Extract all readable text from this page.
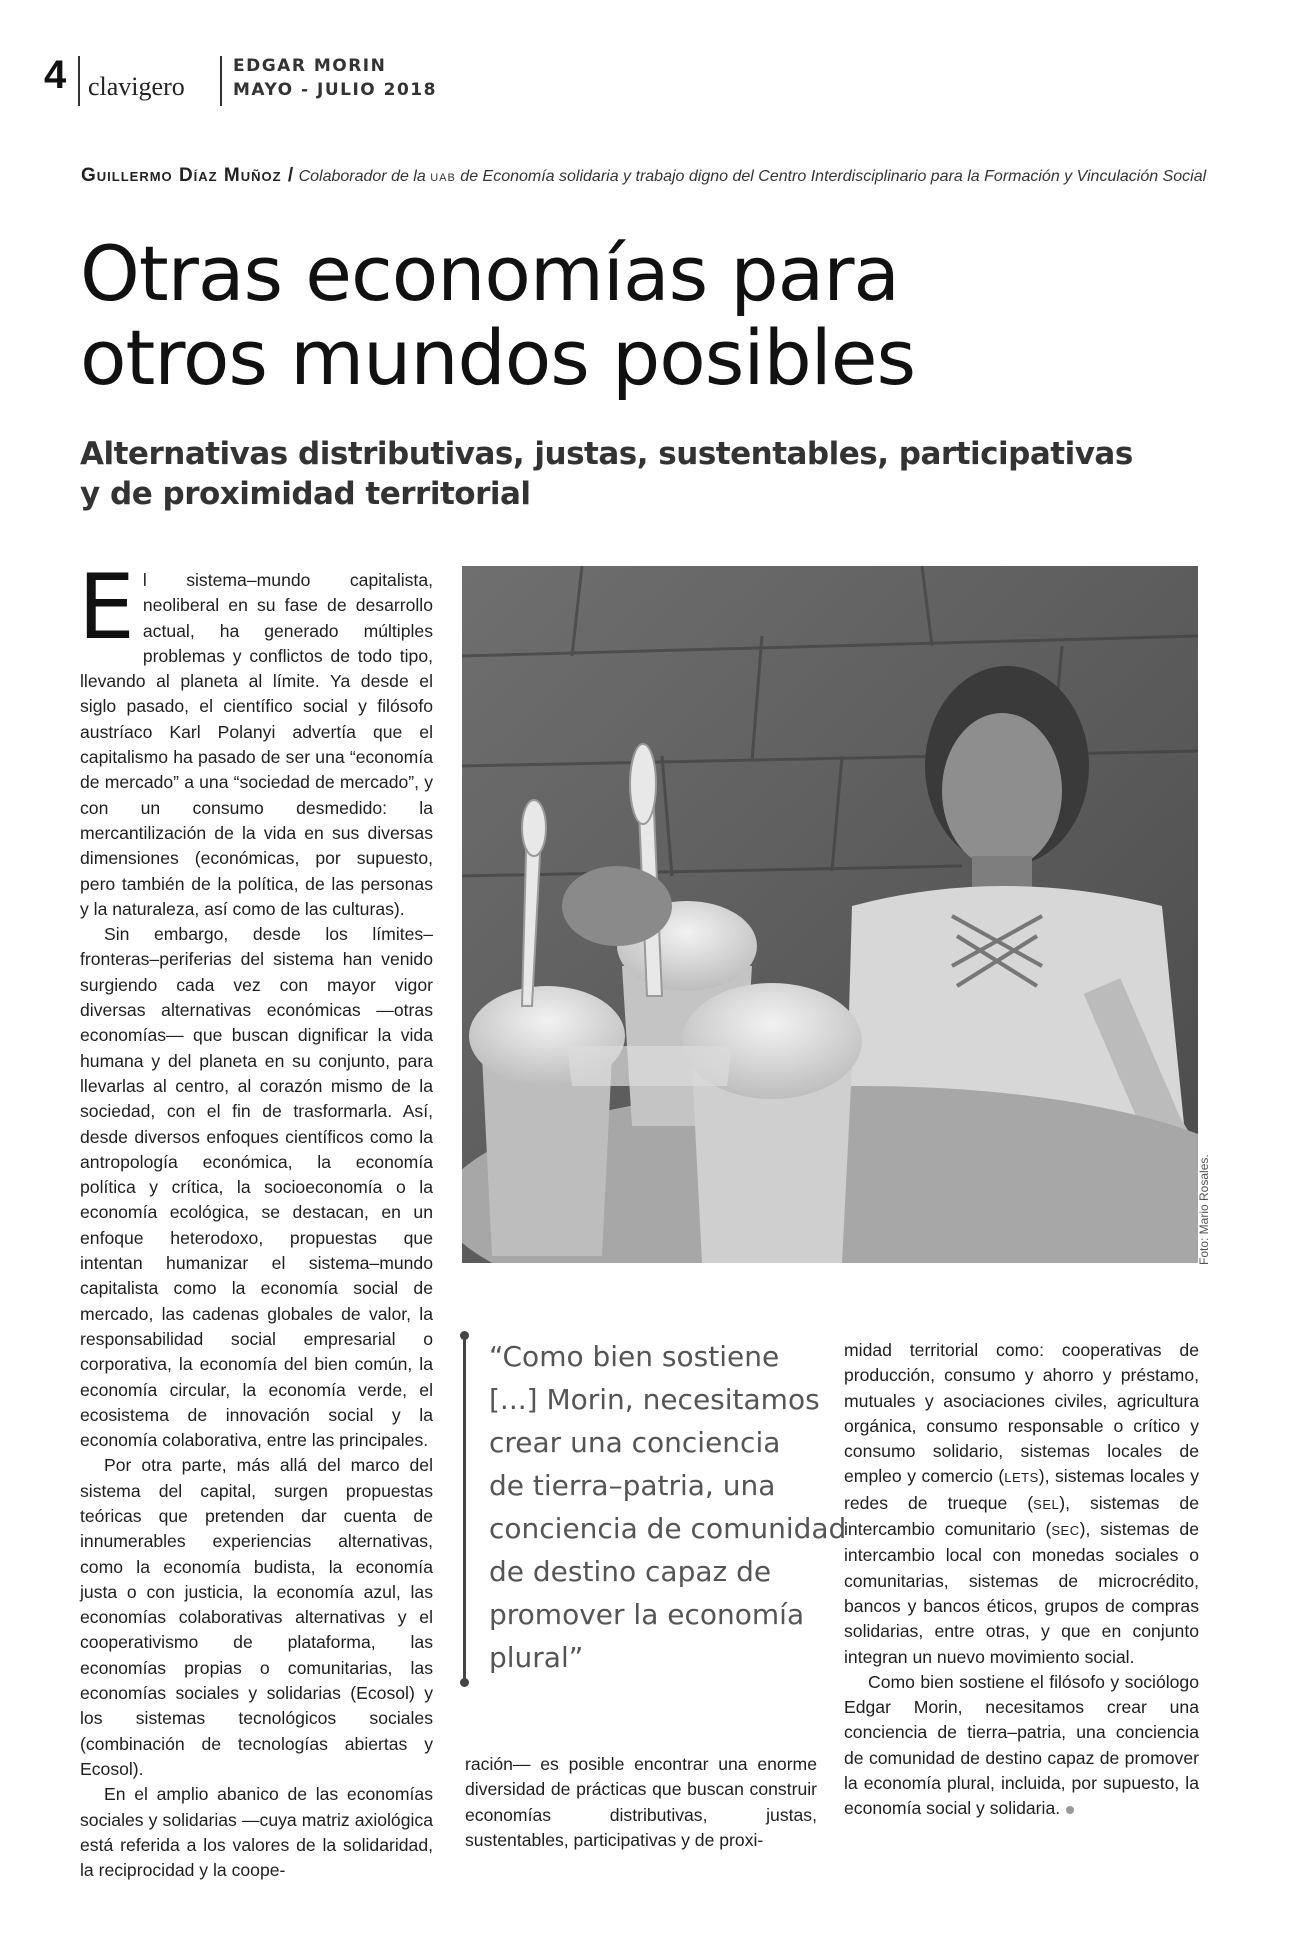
4 clavigero
EDGAR MORIN
MAYO - JULIO 2018
Guillermo Díaz Muñoz / Colaborador de la UAB de Economía solidaria y trabajo digno del Centro Interdisciplinario para la Formación y Vinculación Social
Otras economías para
otros mundos posibles
Alternativas distributivas, justas, sustentables, participativas
y de proximidad territorial

El sistema–mundo capitalista, neoliberal en su fase de desarrollo actual, ha generado múltiples problemas y conflictos de todo tipo, llevando al planeta al límite. Ya desde el siglo pasado, el científico social y filósofo austríaco Karl Polanyi advertía que el capitalismo ha pasado de ser una “economía de mercado” a una “sociedad de mercado”, y con un consumo desmedido: la mercantilización de la vida en sus diversas dimensiones (económicas, por supuesto, pero también de la política, de las personas y la naturaleza, así como de las culturas).

Sin embargo, desde los límites–fronteras–periferias del sistema han venido surgiendo cada vez con mayor vigor diversas alternativas económicas —otras economías— que buscan dignificar la vida humana y del planeta en su conjunto, para llevarlas al centro, al corazón mismo de la sociedad, con el fin de trasformarla. Así, desde diversos enfoques científicos como la antropología económica, la economía política y crítica, la socioeconomía o la economía ecológica, se destacan, en un enfoque heterodoxo, propuestas que intentan humanizar el sistema–mundo capitalista como la economía social de mercado, las cadenas globales de valor, la responsabilidad social empresarial o corporativa, la economía del bien común, la economía circular, la economía verde, el ecosistema de innovación social y la economía colaborativa, entre las principales.

Por otra parte, más allá del marco del sistema del capital, surgen propuestas teóricas que pretenden dar cuenta de innumerables experiencias alternativas, como la economía budista, la economía justa o con justicia, la economía azul, las economías colaborativas alternativas y el cooperativismo de plataforma, las economías propias o comunitarias, las economías sociales y solidarias (Ecosol) y los sistemas tecnológicos sociales (combinación de tecnologías abiertas y Ecosol).

En el amplio abanico de las economías sociales y solidarias —cuya matriz axiológica está referida a los valores de la solidaridad, la reciprocidad y la coope-

Foto: Mario Rosales.
“Como bien sostiene
[...] Morin, necesitamos
crear una conciencia
de tierra–patria, una
conciencia de comunidad
de destino capaz de
promover la economía
plural”

ración— es posible encontrar una enorme diversidad de prácticas que buscan construir economías distributivas, justas, sustentables, participativas y de proxi-

midad territorial como: cooperativas de producción, consumo y ahorro y préstamo, mutuales y asociaciones civiles, agricultura orgánica, consumo responsable o crítico y consumo solidario, sistemas locales de empleo y comercio (LETS), sistemas locales y redes de trueque (SEL), sistemas de intercambio comunitario (SEC), sistemas de intercambio local con monedas sociales o comunitarias, sistemas de microcrédito, bancos y bancos éticos, grupos de compras solidarias, entre otras, y que en conjunto integran un nuevo movimiento social.

Como bien sostiene el filósofo y sociólogo Edgar Morin, necesitamos crear una conciencia de tierra–patria, una conciencia de comunidad de destino capaz de promover la economía plural, incluida, por supuesto, la economía social y solidaria.
